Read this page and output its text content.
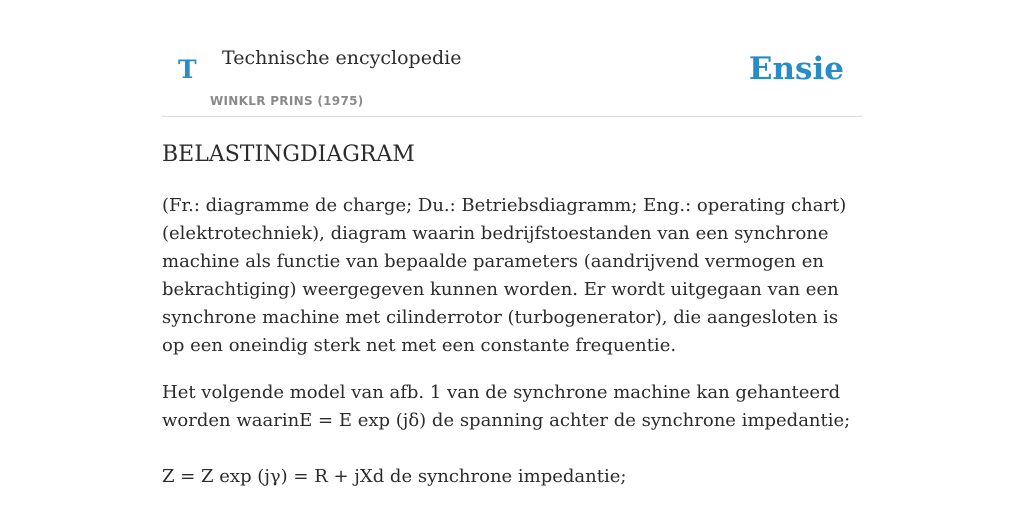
T Technische encyclopedie
WINKLR PRINS (1975)
Ensie
BELASTINGDIAGRAM

(Fr.: diagramme de charge; Du.: Betriebsdiagramm; Eng.: operating chart) (elektrotechniek), diagram waarin bedrijfstoestanden van een synchrone machine als functie van bepaalde parameters (aandrijvend vermogen en bekrachtiging) weergegeven kunnen worden. Er wordt uitgegaan van een synchrone machine met cilinderrotor (turbogenerator), die aangesloten is op een oneindig sterk net met een constante frequentie.

Het volgende model van afb. 1 van de synchrone machine kan gehanteerd worden waarinE = E exp (jδ) de spanning achter de synchrone impedantie;

Z = Z exp (jγ) = R + jXd de synchrone impedantie;
